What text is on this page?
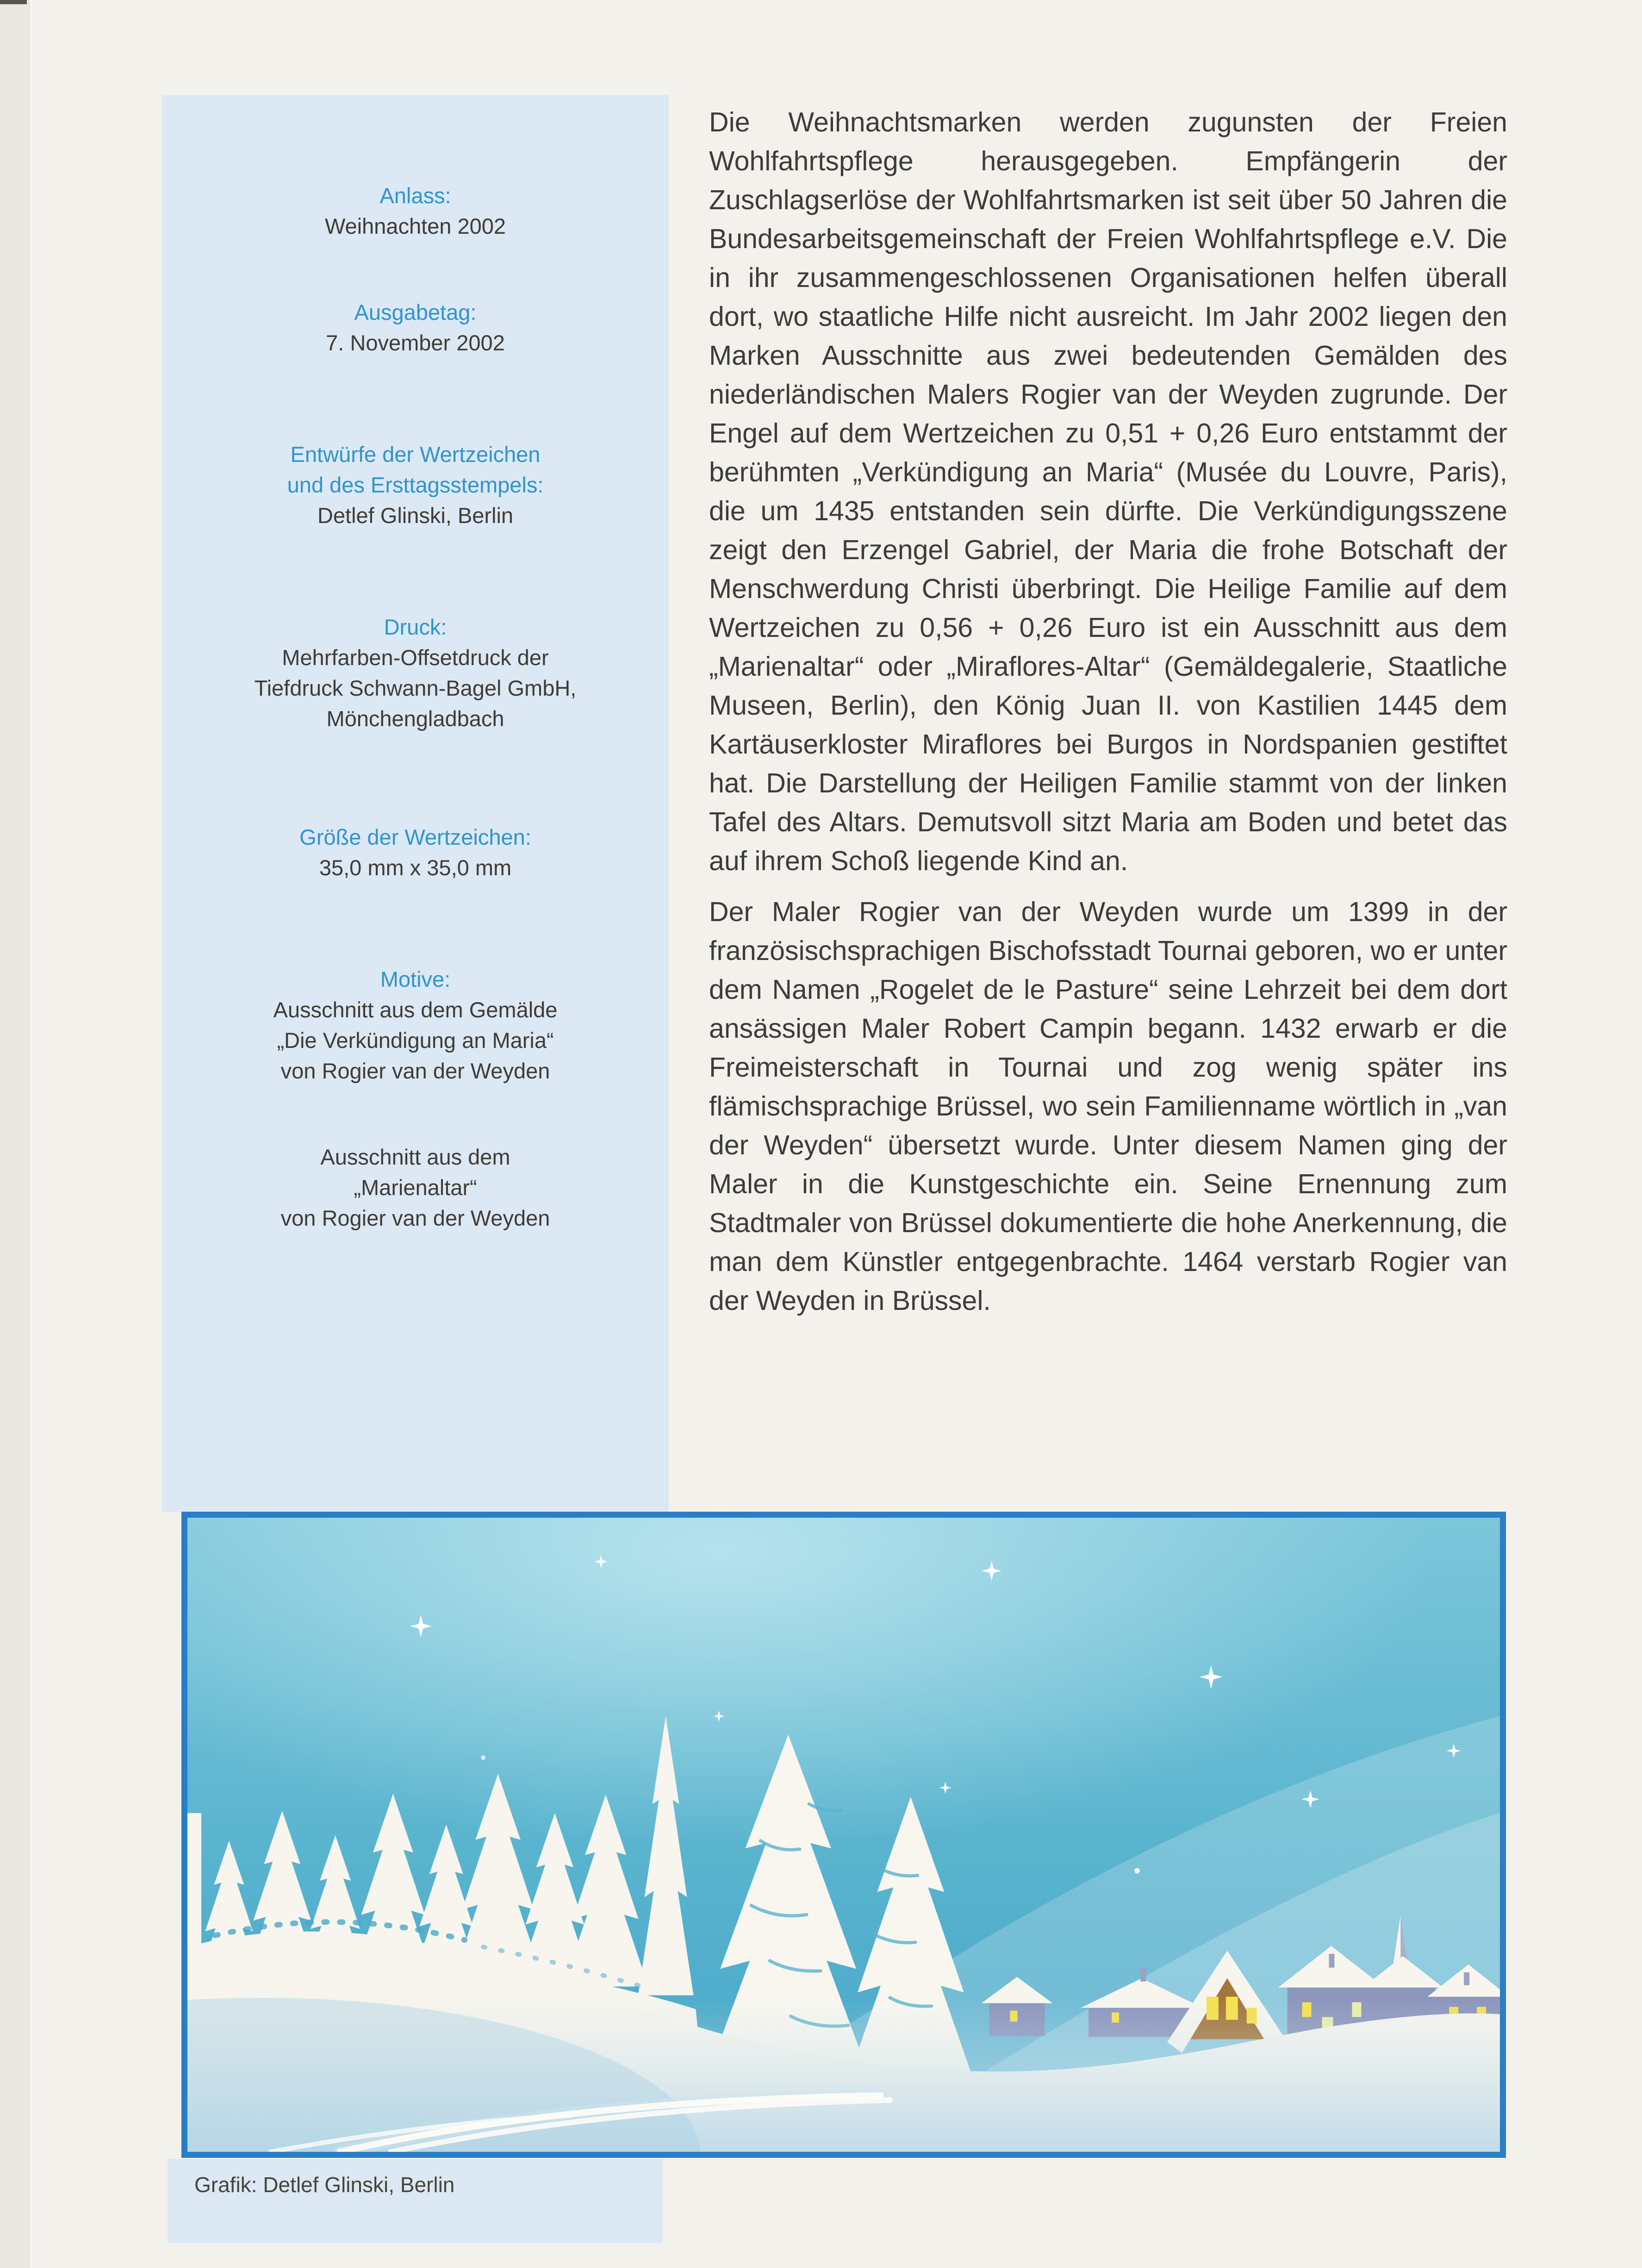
Anlass:
Weihnachten 2002
Ausgabetag:
7. November 2002
Entwürfe der Wertzeichen
und des Ersttagsstempels:
Detlef Glinski, Berlin
Druck:
Mehrfarben-Offsetdruck der
Tiefdruck Schwann-Bagel GmbH,
Mönchengladbach
Größe der Wertzeichen:
35,0 mm x 35,0 mm
Motive:
Ausschnitt aus dem Gemälde
„Die Verkündigung an Maria“
von Rogier van der Weyden
Ausschnitt aus dem
„Marienaltar“
von Rogier van der Weyden

Die Weihnachtsmarken werden zugunsten der Freien Wohlfahrtspflege herausgegeben. Empfängerin der Zuschlagserlöse der Wohlfahrtsmarken ist seit über 50 Jahren die Bundesarbeitsgemeinschaft der Freien Wohlfahrtspflege e.V. Die in ihr zusammengeschlossenen Organisationen helfen überall dort, wo staatliche Hilfe nicht ausreicht. Im Jahr 2002 liegen den Marken Ausschnitte aus zwei bedeutenden Gemälden des niederländischen Malers Rogier van der Weyden zugrunde. Der Engel auf dem Wertzeichen zu 0,51 + 0,26 Euro entstammt der berühmten „Verkündigung an Maria“ (Musée du Louvre, Paris), die um 1435 entstanden sein dürfte. Die Verkündigungsszene zeigt den Erzengel Gabriel, der Maria die frohe Botschaft der Menschwerdung Christi überbringt. Die Heilige Familie auf dem Wertzeichen zu 0,56 + 0,26 Euro ist ein Ausschnitt aus dem „Marienaltar“ oder „Miraflores-Altar“ (Gemäldegalerie, Staatliche Museen, Berlin), den König Juan II. von Kastilien 1445 dem Kartäuserkloster Miraflores bei Burgos in Nordspanien gestiftet hat. Die Darstellung der Heiligen Familie stammt von der linken Tafel des Altars. Demutsvoll sitzt Maria am Boden und betet das auf ihrem Schoß liegende Kind an.

Der Maler Rogier van der Weyden wurde um 1399 in der französischsprachigen Bischofsstadt Tournai geboren, wo er unter dem Namen „Rogelet de le Pasture“ seine Lehrzeit bei dem dort ansässigen Maler Robert Campin begann. 1432 erwarb er die Freimeisterschaft in Tournai und zog wenig später ins flämischsprachige Brüssel, wo sein Familienname wörtlich in „van der Weyden“ übersetzt wurde. Unter diesem Namen ging der Maler in die Kunstgeschichte ein. Seine Ernennung zum Stadtmaler von Brüssel dokumentierte die hohe Anerkennung, die man dem Künstler entgegenbrachte. 1464 verstarb Rogier van der Weyden in Brüssel.

Grafik: Detlef Glinski, Berlin
